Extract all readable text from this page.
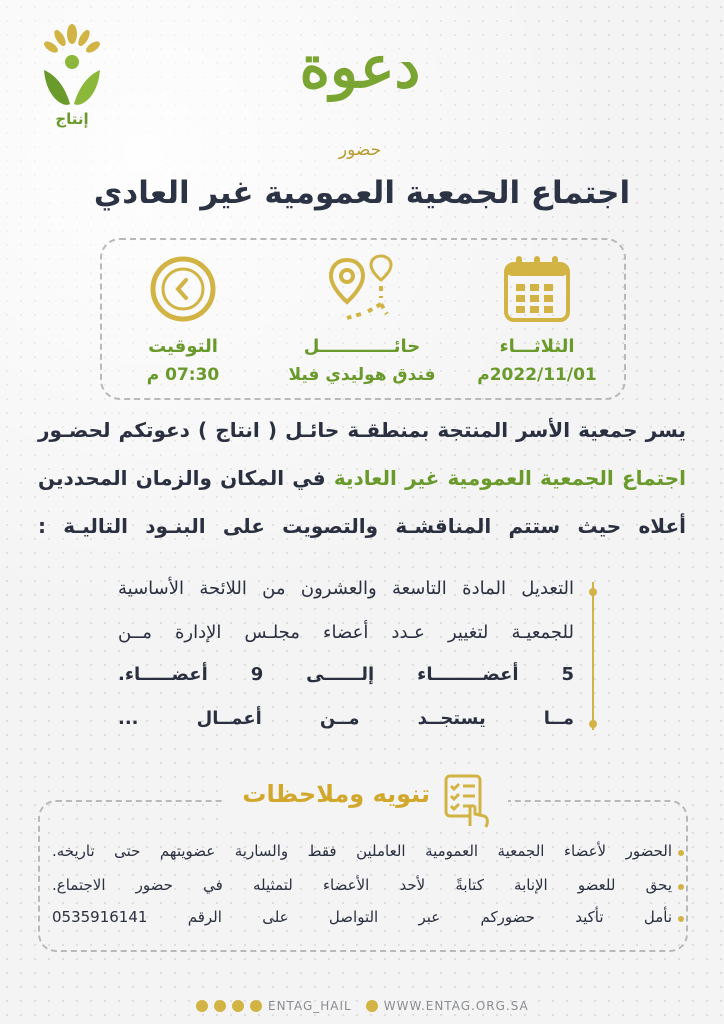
إنتاج
دعوة
حضور
اجتماع الجمعية العمومية غير العادي
الثلاثـــاء
2022/11/01م
حائــــــــــــل
فندق هوليدي فيلا
التوقيت
07:30 م
يسر جمعية الأسر المنتجة بمنطقـة حائـل ( انتاج ) دعوتكم لحضـور
اجتماع الجمعية العمومية غير العادية في المكان والزمان المحددين
أعلاه حيث ستتم المناقشـة والتصويت على البنـود التاليـة :
التعديل المادة التاسعة والعشرون من اللائحة الأساسية
للجمعيـة لتغيير عـدد أعضاء مجلـس الإدارة مــن
5 أعضــــــــاء إلــــــى 9 أعضـــــاء.
مــا يستجــد مــن أعمــال ...
تنويه وملاحظات
الحضور لأعضاء الجمعية العمومية العاملين فقط والسارية عضويتهم حتى تاريخه.
يحق للعضو الإنابة كتابةً لأحد الأعضاء لتمثيله في حضور الاجتماع.
نأمل تأكيد حضوركم عبر التواصل على الرقم 0535916141
ENTAG_HAIL	WWW.ENTAG.ORG.SA
